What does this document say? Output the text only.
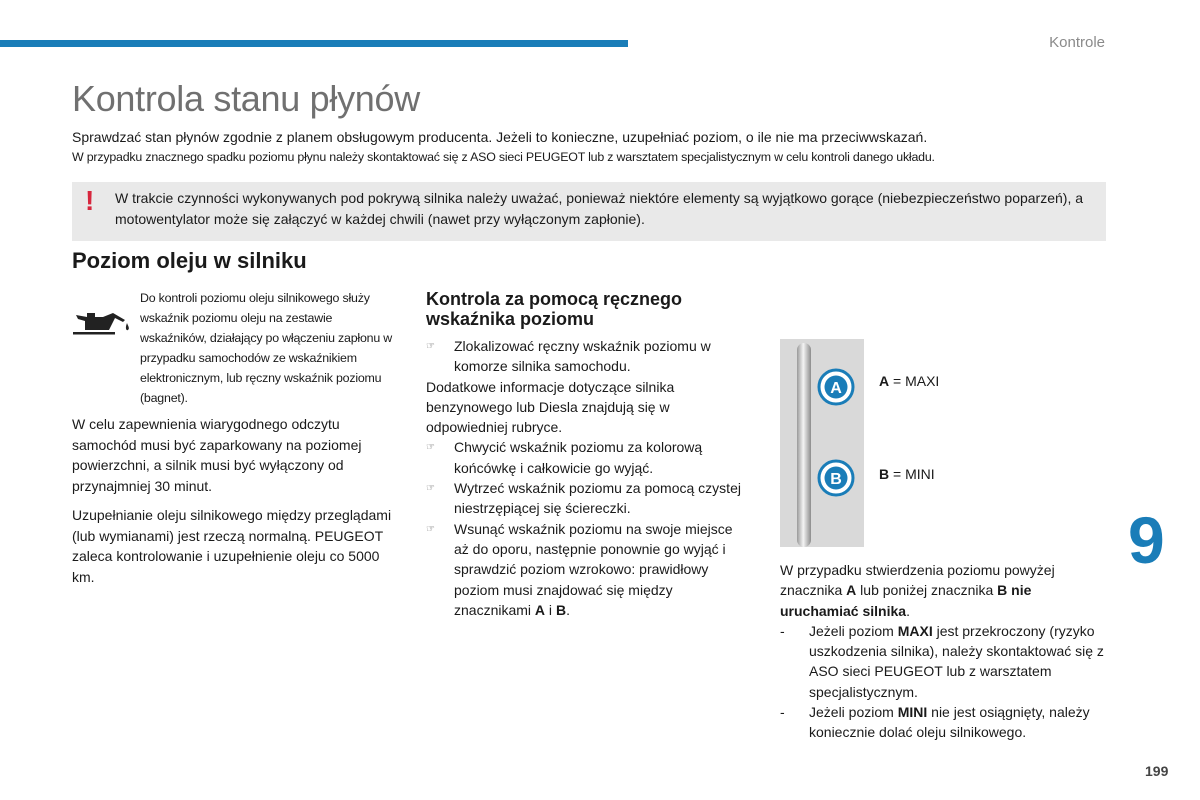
Kontrole
Kontrola stanu płynów
Sprawdzać stan płynów zgodnie z planem obsługowym producenta. Jeżeli to konieczne, uzupełniać poziom, o ile nie ma przeciwwskazań.
W przypadku znacznego spadku poziomu płynu należy skontaktować się z ASO sieci PEUGEOT lub z warsztatem specjalistycznym w celu kontroli danego układu.
! W trakcie czynności wykonywanych pod pokrywą silnika należy uważać, ponieważ niektóre elementy są wyjątkowo gorące (niebezpieczeństwo poparzeń), a motowentylator może się załączyć w każdej chwili (nawet przy wyłączonym zapłonie).
Poziom oleju w silniku
Do kontroli poziomu oleju silnikowego służy wskaźnik poziomu oleju na zestawie wskaźników, działający po włączeniu zapłonu w przypadku samochodów ze wskaźnikiem elektronicznym, lub ręczny wskaźnik poziomu (bagnet).

W celu zapewnienia wiarygodnego odczytu samochód musi być zaparkowany na poziomej powierzchni, a silnik musi być wyłączony od przynajmniej 30 minut.

Uzupełnianie oleju silnikowego między przeglądami (lub wymianami) jest rzeczą normalną. PEUGEOT zaleca kontrolowanie i uzupełnienie oleju co 5000 km.

Kontrola za pomocą ręcznego wskaźnika poziomu
☞	Zlokalizować ręczny wskaźnik poziomu w komorze silnika samochodu.
Dodatkowe informacje dotyczące silnika benzynowego lub Diesla znajdują się w odpowiedniej rubryce.
☞	Chwycić wskaźnik poziomu za kolorową końcówkę i całkowicie go wyjąć.
☞	Wytrzeć wskaźnik poziomu za pomocą czystej niestrzępiącej się ściereczki.
☞	Wsunąć wskaźnik poziomu na swoje miejsce aż do oporu, następnie ponownie go wyjąć i sprawdzić poziom wzrokowo: prawidłowy poziom musi znajdować się między znacznikami A i B.
A
B
A = MAXI
B = MINI
W przypadku stwierdzenia poziomu powyżej znacznika A lub poniżej znacznika B nie uruchamiać silnika.
-	Jeżeli poziom MAXI jest przekroczony (ryzyko uszkodzenia silnika), należy skontaktować się z ASO sieci PEUGEOT lub z warsztatem specjalistycznym.
-	Jeżeli poziom MINI nie jest osiągnięty, należy koniecznie dolać oleju silnikowego.
9
199
